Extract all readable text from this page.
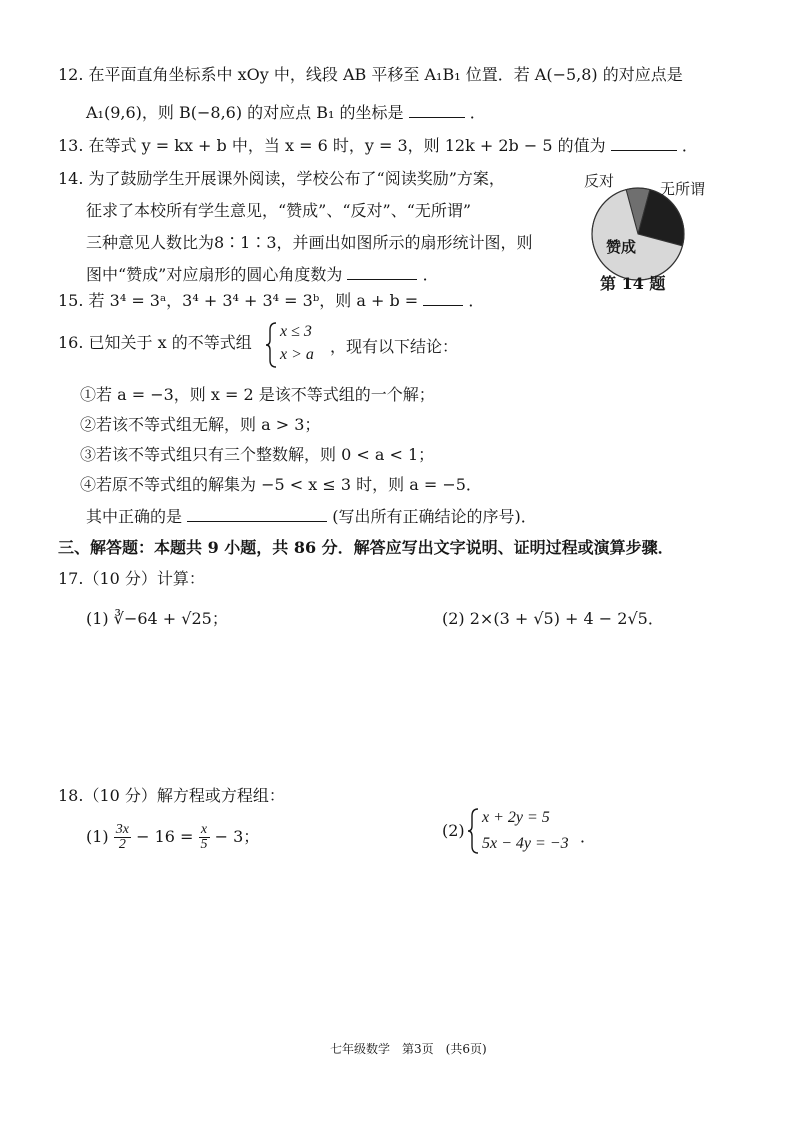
12. 在平面直角坐标系中 xOy 中，线段 AB 平移至 A₁B₁ 位置．若 A(−5,8) 的对应点是
A₁(9,6)，则 B(−8,6) 的对应点 B₁ 的坐标是	．
13. 在等式 y = kx + b 中，当 x = 6 时，y = 3，则 12k + 2b − 5 的值为	．
14. 为了鼓励学生开展课外阅读，学校公布了“阅读奖励”方案，
征求了本校所有学生意见，“赞成”、“反对”、“无所谓”
三种意见人数比为8∶1∶3，并画出如图所示的扇形统计图，则
图中“赞成”对应扇形的圆心角度数为	．
反对	无所谓
赞成
第 14 题
15. 若 3⁴ = 3ᵃ，3⁴ + 3⁴ + 3⁴ = 3ᵇ，则 a + b =	．
16. 已知关于 x 的不等式组
x ≤ 3
x > a ，现有以下结论：
①若 a = −3，则 x = 2 是该不等式组的一个解；
②若该不等式组无解，则 a > 3；
③若该不等式组只有三个整数解，则 0 < a < 1；
④若原不等式组的解集为 −5 < x ≤ 3 时，则 a = −5．
其中正确的是	(写出所有正确结论的序号)．
三、解答题：本题共 9 小题，共 86 分．解答应写出文字说明、证明过程或演算步骤．
17.（10 分）计算：
(1) ∛−64 + √25；	(2) 2×(3 + √5) + 4 − 2√5．
18.（10 分）解方程或方程组：
$(1) \frac{3x}{2} - 16 = \frac{x}{5} - 3$；	(2)
x + 2y = 5
5x − 4y = −3 ．
七年级数学　第3页　(共6页)
